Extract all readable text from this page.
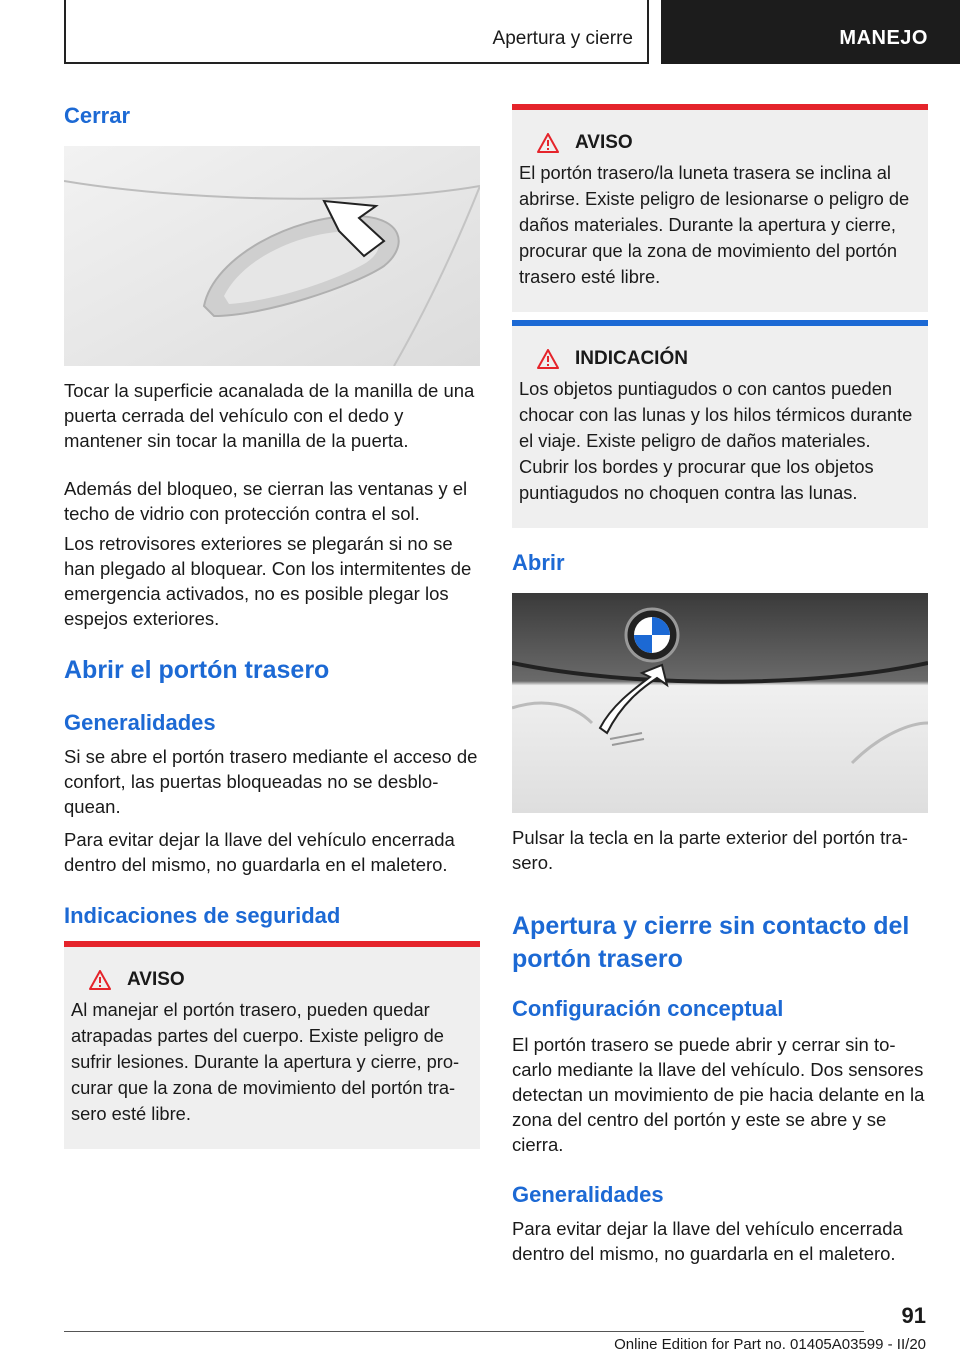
Apertura y cierre	MANEJO
Cerrar

Tocar la superficie acanalada de la manilla de una puerta cerrada del vehículo con el dedo y mantener sin tocar la manilla de la puerta.

Además del bloqueo, se cierran las ventanas y el techo de vidrio con protección contra el sol.

Los retrovisores exteriores se plegarán si no se han plegado al bloquear. Con los intermitentes de emergencia activados, no es posible plegar los espejos exteriores.

Abrir el portón trasero
Generalidades

Si se abre el portón trasero mediante el acceso de confort, las puertas bloqueadas no se desbloquean.

Para evitar dejar la llave del vehículo encerrada dentro del mismo, no guardarla en el maletero.

Indicaciones de seguridad
AVISO

Al manejar el portón trasero, pueden quedar atrapadas partes del cuerpo. Existe peligro de sufrir lesiones. Durante la apertura y cierre, procurar que la zona de movimiento del portón trasero esté libre.

AVISO

El portón trasero/la luneta trasera se inclina al abrirse. Existe peligro de lesionarse o peligro de daños materiales. Durante la apertura y cierre, procurar que la zona de movimiento del portón trasero esté libre.

INDICACIÓN

Los objetos puntiagudos o con cantos pueden chocar con las lunas y los hilos térmicos durante el viaje. Existe peligro de daños materiales. Cubrir los bordes y procurar que los objetos puntiagudos no choquen contra las lunas.

Abrir

Pulsar la tecla en la parte exterior del portón trasero.

Apertura y cierre sin contacto del portón trasero
Configuración conceptual

El portón trasero se puede abrir y cerrar sin tocarlo mediante la llave del vehículo. Dos sensores detectan un movimiento de pie hacia delante en la zona del centro del portón y este se abre y se cierra.

Generalidades

Para evitar dejar la llave del vehículo encerrada dentro del mismo, no guardarla en el maletero.

91
Online Edition for Part no. 01405A03599 - II/20
